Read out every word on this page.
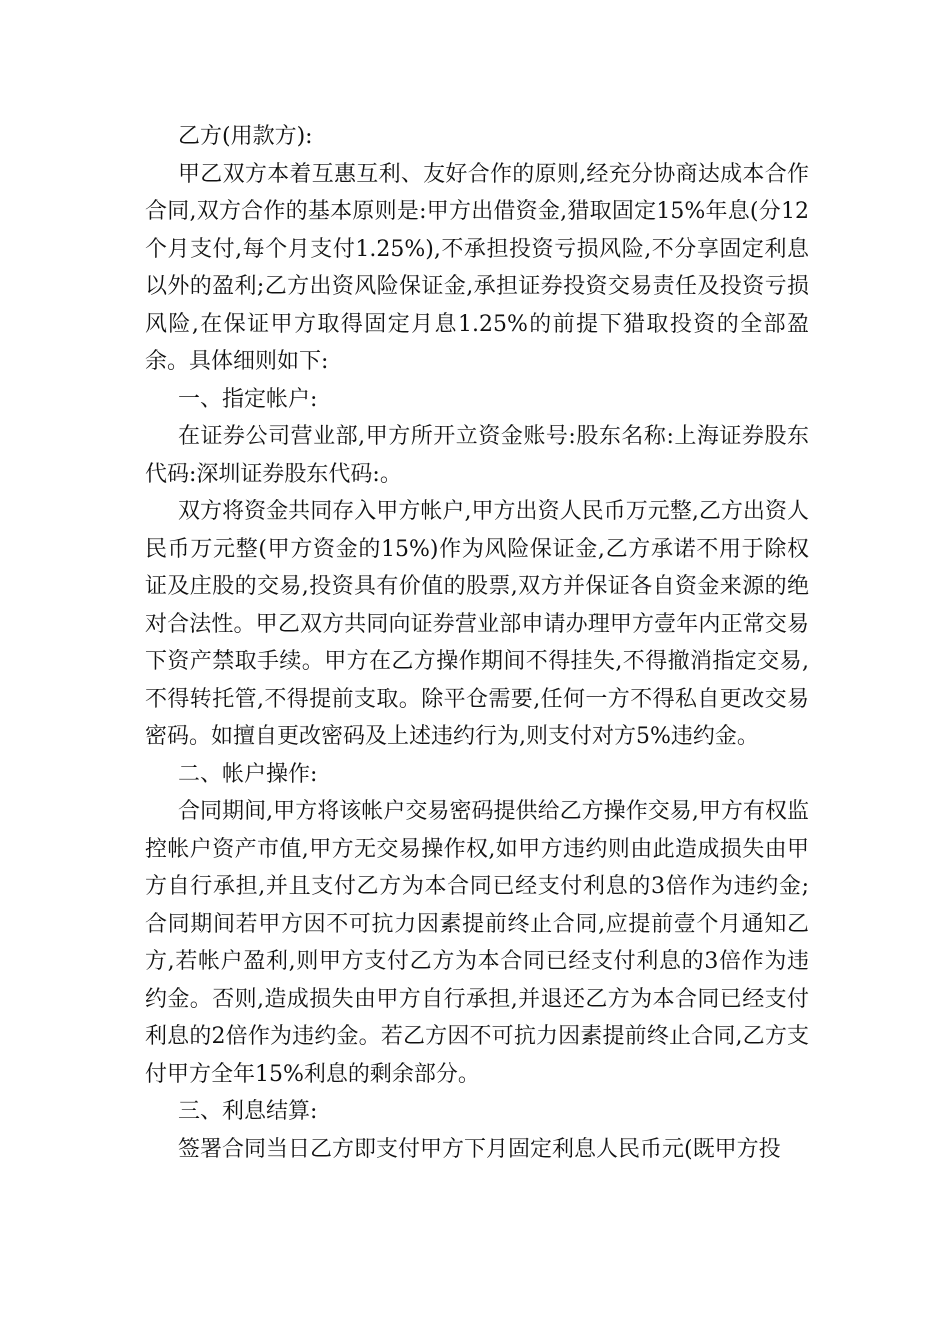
乙方(用款方):

甲乙双方本着互惠互利、友好合作的原则,经充分协商达成本合作合同,双方合作的基本原则是:甲方出借资金,猎取固定15%年息(分12个月支付,每个月支付1.25%),不承担投资亏损风险,不分享固定利息以外的盈利;乙方出资风险保证金,承担证券投资交易责任及投资亏损风险,在保证甲方取得固定月息1.25%的前提下猎取投资的全部盈余。具体细则如下:

一、指定帐户:

在证券公司营业部,甲方所开立资金账号:股东名称:上海证券股东代码:深圳证券股东代码:。

双方将资金共同存入甲方帐户,甲方出资人民币万元整,乙方出资人民币万元整(甲方资金的15%)作为风险保证金,乙方承诺不用于除权证及庄股的交易,投资具有价值的股票,双方并保证各自资金来源的绝对合法性。甲乙双方共同向证券营业部申请办理甲方壹年内正常交易下资产禁取手续。甲方在乙方操作期间不得挂失,不得撤消指定交易,不得转托管,不得提前支取。除平仓需要,任何一方不得私自更改交易密码。如擅自更改密码及上述违约行为,则支付对方5%违约金。

二、帐户操作:

合同期间,甲方将该帐户交易密码提供给乙方操作交易,甲方有权监控帐户资产市值,甲方无交易操作权,如甲方违约则由此造成损失由甲方自行承担,并且支付乙方为本合同已经支付利息的3倍作为违约金;合同期间若甲方因不可抗力因素提前终止合同,应提前壹个月通知乙方,若帐户盈利,则甲方支付乙方为本合同已经支付利息的3倍作为违约金。否则,造成损失由甲方自行承担,并退还乙方为本合同已经支付利息的2倍作为违约金。若乙方因不可抗力因素提前终止合同,乙方支付甲方全年15%利息的剩余部分。

三、利息结算:

签署合同当日乙方即支付甲方下月固定利息人民币元(既甲方投
